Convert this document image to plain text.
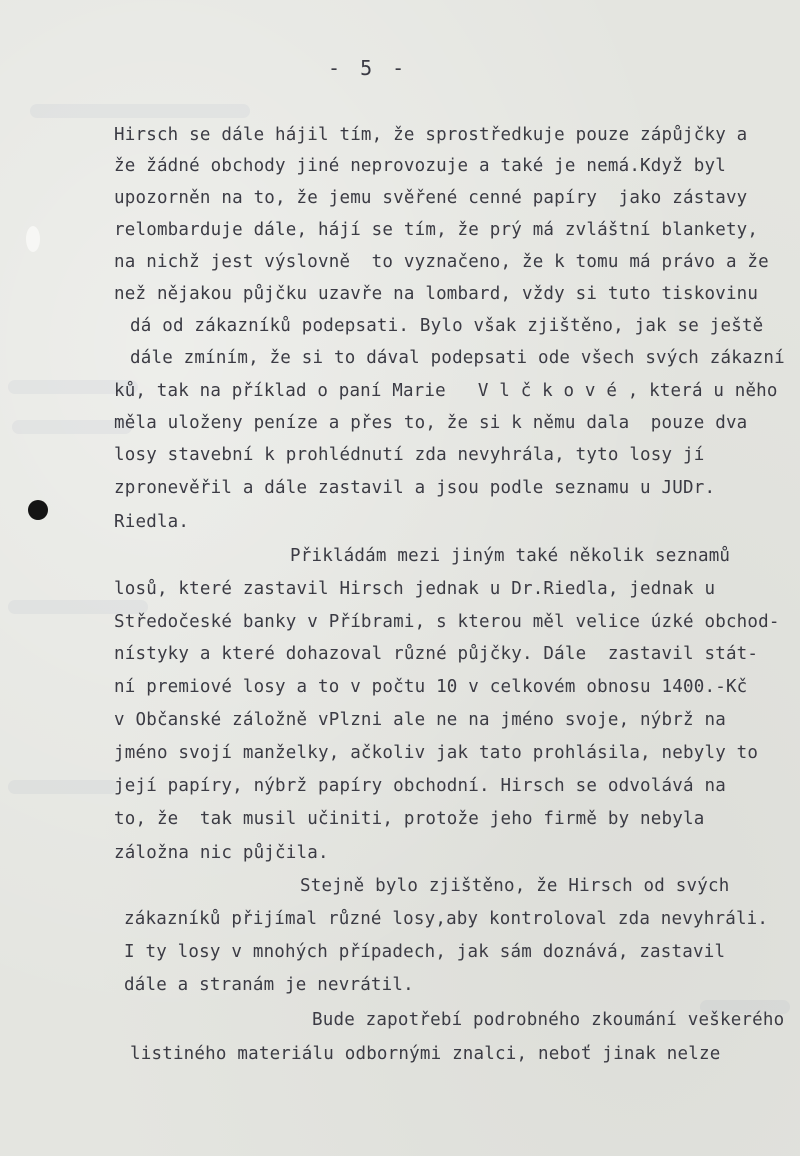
- 5 -
Hirsch se dále hájil tím, že sprostředkuje pouze zápůjčky a
že žádné obchody jiné neprovozuje a také je nemá.Když byl
upozorněn na to, že jemu svěřené cenné papíry  jako zástavy
relombarduje dále, hájí se tím, že prý má zvláštní blankety,
na nichž jest výslovně  to vyznačeno, že k tomu má právo a že
než nějakou půjčku uzavře na lombard, vždy si tuto tiskovinu
dá od zákazníků podepsati. Bylo však zjištěno, jak se ještě
dále zmíním, že si to dával podepsati ode všech svých zákazní
ků, tak na příklad o paní Marie   V l č k o v é , která u něho
měla uloženy peníze a přes to, že si k němu dala  pouze dva
losy stavební k prohlédnutí zda nevyhrála, tyto losy jí
zpronevěřil a dále zastavil a jsou podle seznamu u JUDr.
Riedla.
Přikládám mezi jiným také několik seznamů
losů, které zastavil Hirsch jednak u Dr.Riedla, jednak u
Středočeské banky v Příbrami, s kterou měl velice úzké obchod-
nístyky a které dohazoval různé půjčky. Dále  zastavil stát-
ní premiové losy a to v počtu 10 v celkovém obnosu 1400.-Kč
v Občanské záložně vPlzni ale ne na jméno svoje, nýbrž na
jméno svojí manželky, ačkoliv jak tato prohlásila, nebyly to
její papíry, nýbrž papíry obchodní. Hirsch se odvolává na
to, že  tak musil učiniti, protože jeho firmě by nebyla
záložna nic půjčila.
Stejně bylo zjištěno, že Hirsch od svých
zákazníků přijímal různé losy,aby kontroloval zda nevyhráli.
I ty losy v mnohých případech, jak sám doznává, zastavil
dále a stranám je nevrátil.
Bude zapotřebí podrobného zkoumání veškerého
listiného materiálu odbornými znalci, neboť jinak nelze
